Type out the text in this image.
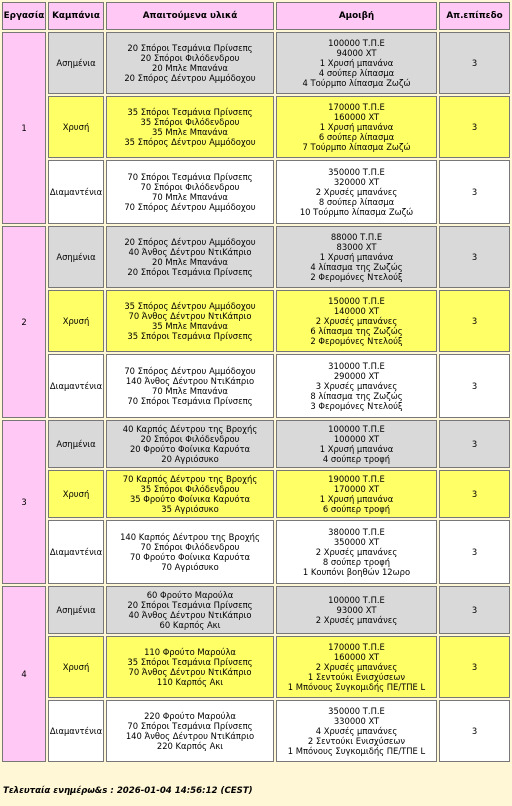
Εργασία	Καμπάνια	Απαιτούμενα υλικά	Αμοιβή	Απ.επίπεδο
1	Ασημένια	20 Σπόροι Τεσμάνια Πρίνσεπς
20 Σπόροι Φιλόδενδρου
20 Μπλε Μπανάνα
20 Σπόρος Δέντρου Αμμόδοχου	100000 Τ.Π.Ε
94000 XT
1 Χρυσή μπανάνα
4 σούπερ λίπασμα
4 Τούρμπο λίπασμα Ζωζώ	3
	Χρυσή	35 Σπόροι Τεσμάνια Πρίνσεπς
35 Σπόροι Φιλόδενδρου
35 Μπλε Μπανάνα
35 Σπόρος Δέντρου Αμμόδοχου	170000 Τ.Π.Ε
160000 XT
1 Χρυσή μπανάνα
6 σούπερ λίπασμα
7 Τούρμπο λίπασμα Ζωζώ	3
	Διαμαντένια	70 Σπόροι Τεσμάνια Πρίνσεπς
70 Σπόροι Φιλόδενδρου
70 Μπλε Μπανάνα
70 Σπόρος Δέντρου Αμμόδοχου	350000 Τ.Π.Ε
320000 XT
2 Χρυσές μπανάνες
8 σούπερ λίπασμα
10 Τούρμπο λίπασμα Ζωζώ	3
2	Ασημένια	20 Σπόρος Δέντρου Αμμόδοχου
40 Άνθος Δέντρου ΝτιΚάπριο
20 Μπλε Μπανάνα
20 Σπόροι Τεσμάνια Πρίνσεπς	88000 Τ.Π.Ε
83000 XT
1 Χρυσή μπανάνα
4 λίπασμα της Ζωζώς
2 Φερομόνες Ντελούξ	3
	Χρυσή	35 Σπόρος Δέντρου Αμμόδοχου
70 Άνθος Δέντρου ΝτιΚάπριο
35 Μπλε Μπανάνα
35 Σπόροι Τεσμάνια Πρίνσεπς	150000 Τ.Π.Ε
140000 XT
2 Χρυσές μπανάνες
6 λίπασμα της Ζωζώς
2 Φερομόνες Ντελούξ	3
	Διαμαντένια	70 Σπόρος Δέντρου Αμμόδοχου
140 Άνθος Δέντρου ΝτιΚάπριο
70 Μπλε Μπανάνα
70 Σπόροι Τεσμάνια Πρίνσεπς	310000 Τ.Π.Ε
290000 XT
3 Χρυσές μπανάνες
8 λίπασμα της Ζωζώς
3 Φερομόνες Ντελούξ	3
3	Ασημένια	40 Καρπός Δέντρου της Βροχής
20 Σπόροι Φιλόδενδρου
20 Φρούτο Φοίνικα Καρυότα
20 Αγριόσυκο	100000 Τ.Π.Ε
100000 XT
1 Χρυσή μπανάνα
4 σούπερ τροφή	3
	Χρυσή	70 Καρπός Δέντρου της Βροχής
35 Σπόροι Φιλόδενδρου
35 Φρούτο Φοίνικα Καρυότα
35 Αγριόσυκο	190000 Τ.Π.Ε
170000 XT
1 Χρυσή μπανάνα
6 σούπερ τροφή	3
	Διαμαντένια	140 Καρπός Δέντρου της Βροχής
70 Σπόροι Φιλόδενδρου
70 Φρούτο Φοίνικα Καρυότα
70 Αγριόσυκο	380000 Τ.Π.Ε
350000 XT
2 Χρυσές μπανάνες
8 σούπερ τροφή
1 Κουπόνι βοηθών 12ωρο	3
4	Ασημένια	60 Φρούτο Μαρούλα
20 Σπόροι Τεσμάνια Πρίνσεπς
40 Άνθος Δέντρου ΝτιΚάπριο
60 Καρπός Ακι	100000 Τ.Π.Ε
93000 XT
2 Χρυσές μπανάνες	3
	Χρυσή	110 Φρούτο Μαρούλα
35 Σπόροι Τεσμάνια Πρίνσεπς
70 Άνθος Δέντρου ΝτιΚάπριο
110 Καρπός Ακι	170000 Τ.Π.Ε
160000 XT
2 Χρυσές μπανάνες
1 Σεντούκι Ενισχύσεων
1 Μπόνους Συγκομιδής ΠΕ/ΤΠΕ L	3
	Διαμαντένια	220 Φρούτο Μαρούλα
70 Σπόροι Τεσμάνια Πρίνσεπς
140 Άνθος Δέντρου ΝτιΚάπριο
220 Καρπός Ακι	350000 Τ.Π.Ε
330000 XT
4 Χρυσές μπανάνες
2 Σεντούκι Ενισχύσεων
1 Μπόνους Συγκομιδής ΠΕ/ΤΠΕ L	3
Τελευταία ενημέρω&s : 2026-01-04 14:56:12 (CEST)
